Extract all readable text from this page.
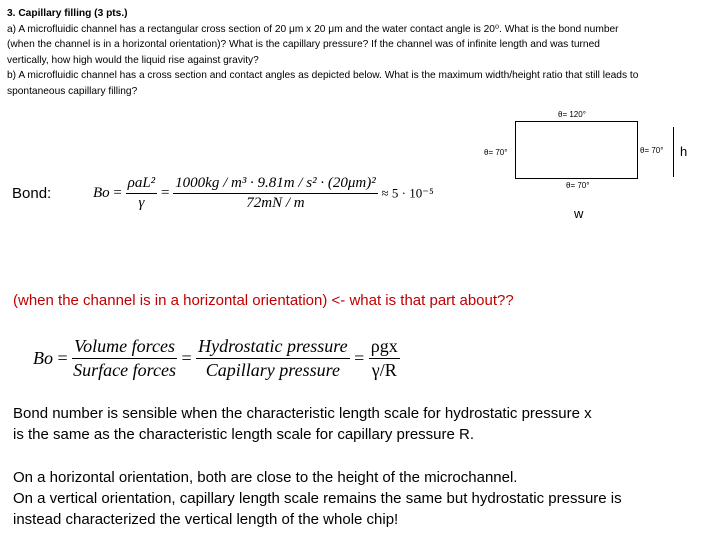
3. Capillary filling (3 pts.)
a) A microfluidic channel has a rectangular cross section of 20 μm x 20 μm and the water contact angle is 20⁰. What is the bond number
(when the channel is in a horizontal orientation)? What is the capillary pressure? If the channel was of infinite length and was turned
vertically, how high would the liquid rise against gravity?
b) A microfluidic channel has a cross section and contact angles as depicted below. What is the maximum width/height ratio that still leads to
spontaneous capillary filling?
θ= 120°
θ= 70°	θ= 70°
θ= 70°
h
w
Bond:	$Bo = \frac{\text{ρaL²}}{\gamma} = \frac{\text{1000kg / m³ · 9.81m / s² · (20μm)²}}{72mN / m} \approx 5 \cdot 10^{-5}$
(when the channel is in a horizontal orientation) <- what is that part about??
$Bo = \frac{\text{Volume forces}}{\text{Surface forces}} = \frac{\text{Hydrostatic pressure}}{\text{Capillary pressure}} = \frac{\text{ρgx}}{\gamma/R}$
Bond number is sensible when the characteristic length scale for hydrostatic pressure x
is the same as the characteristic length scale for capillary pressure R.
On a horizontal orientation, both are close to the height of the microchannel.
On a vertical orientation, capillary length scale remains the same but hydrostatic pressure is
instead characterized the vertical length of the whole chip!
